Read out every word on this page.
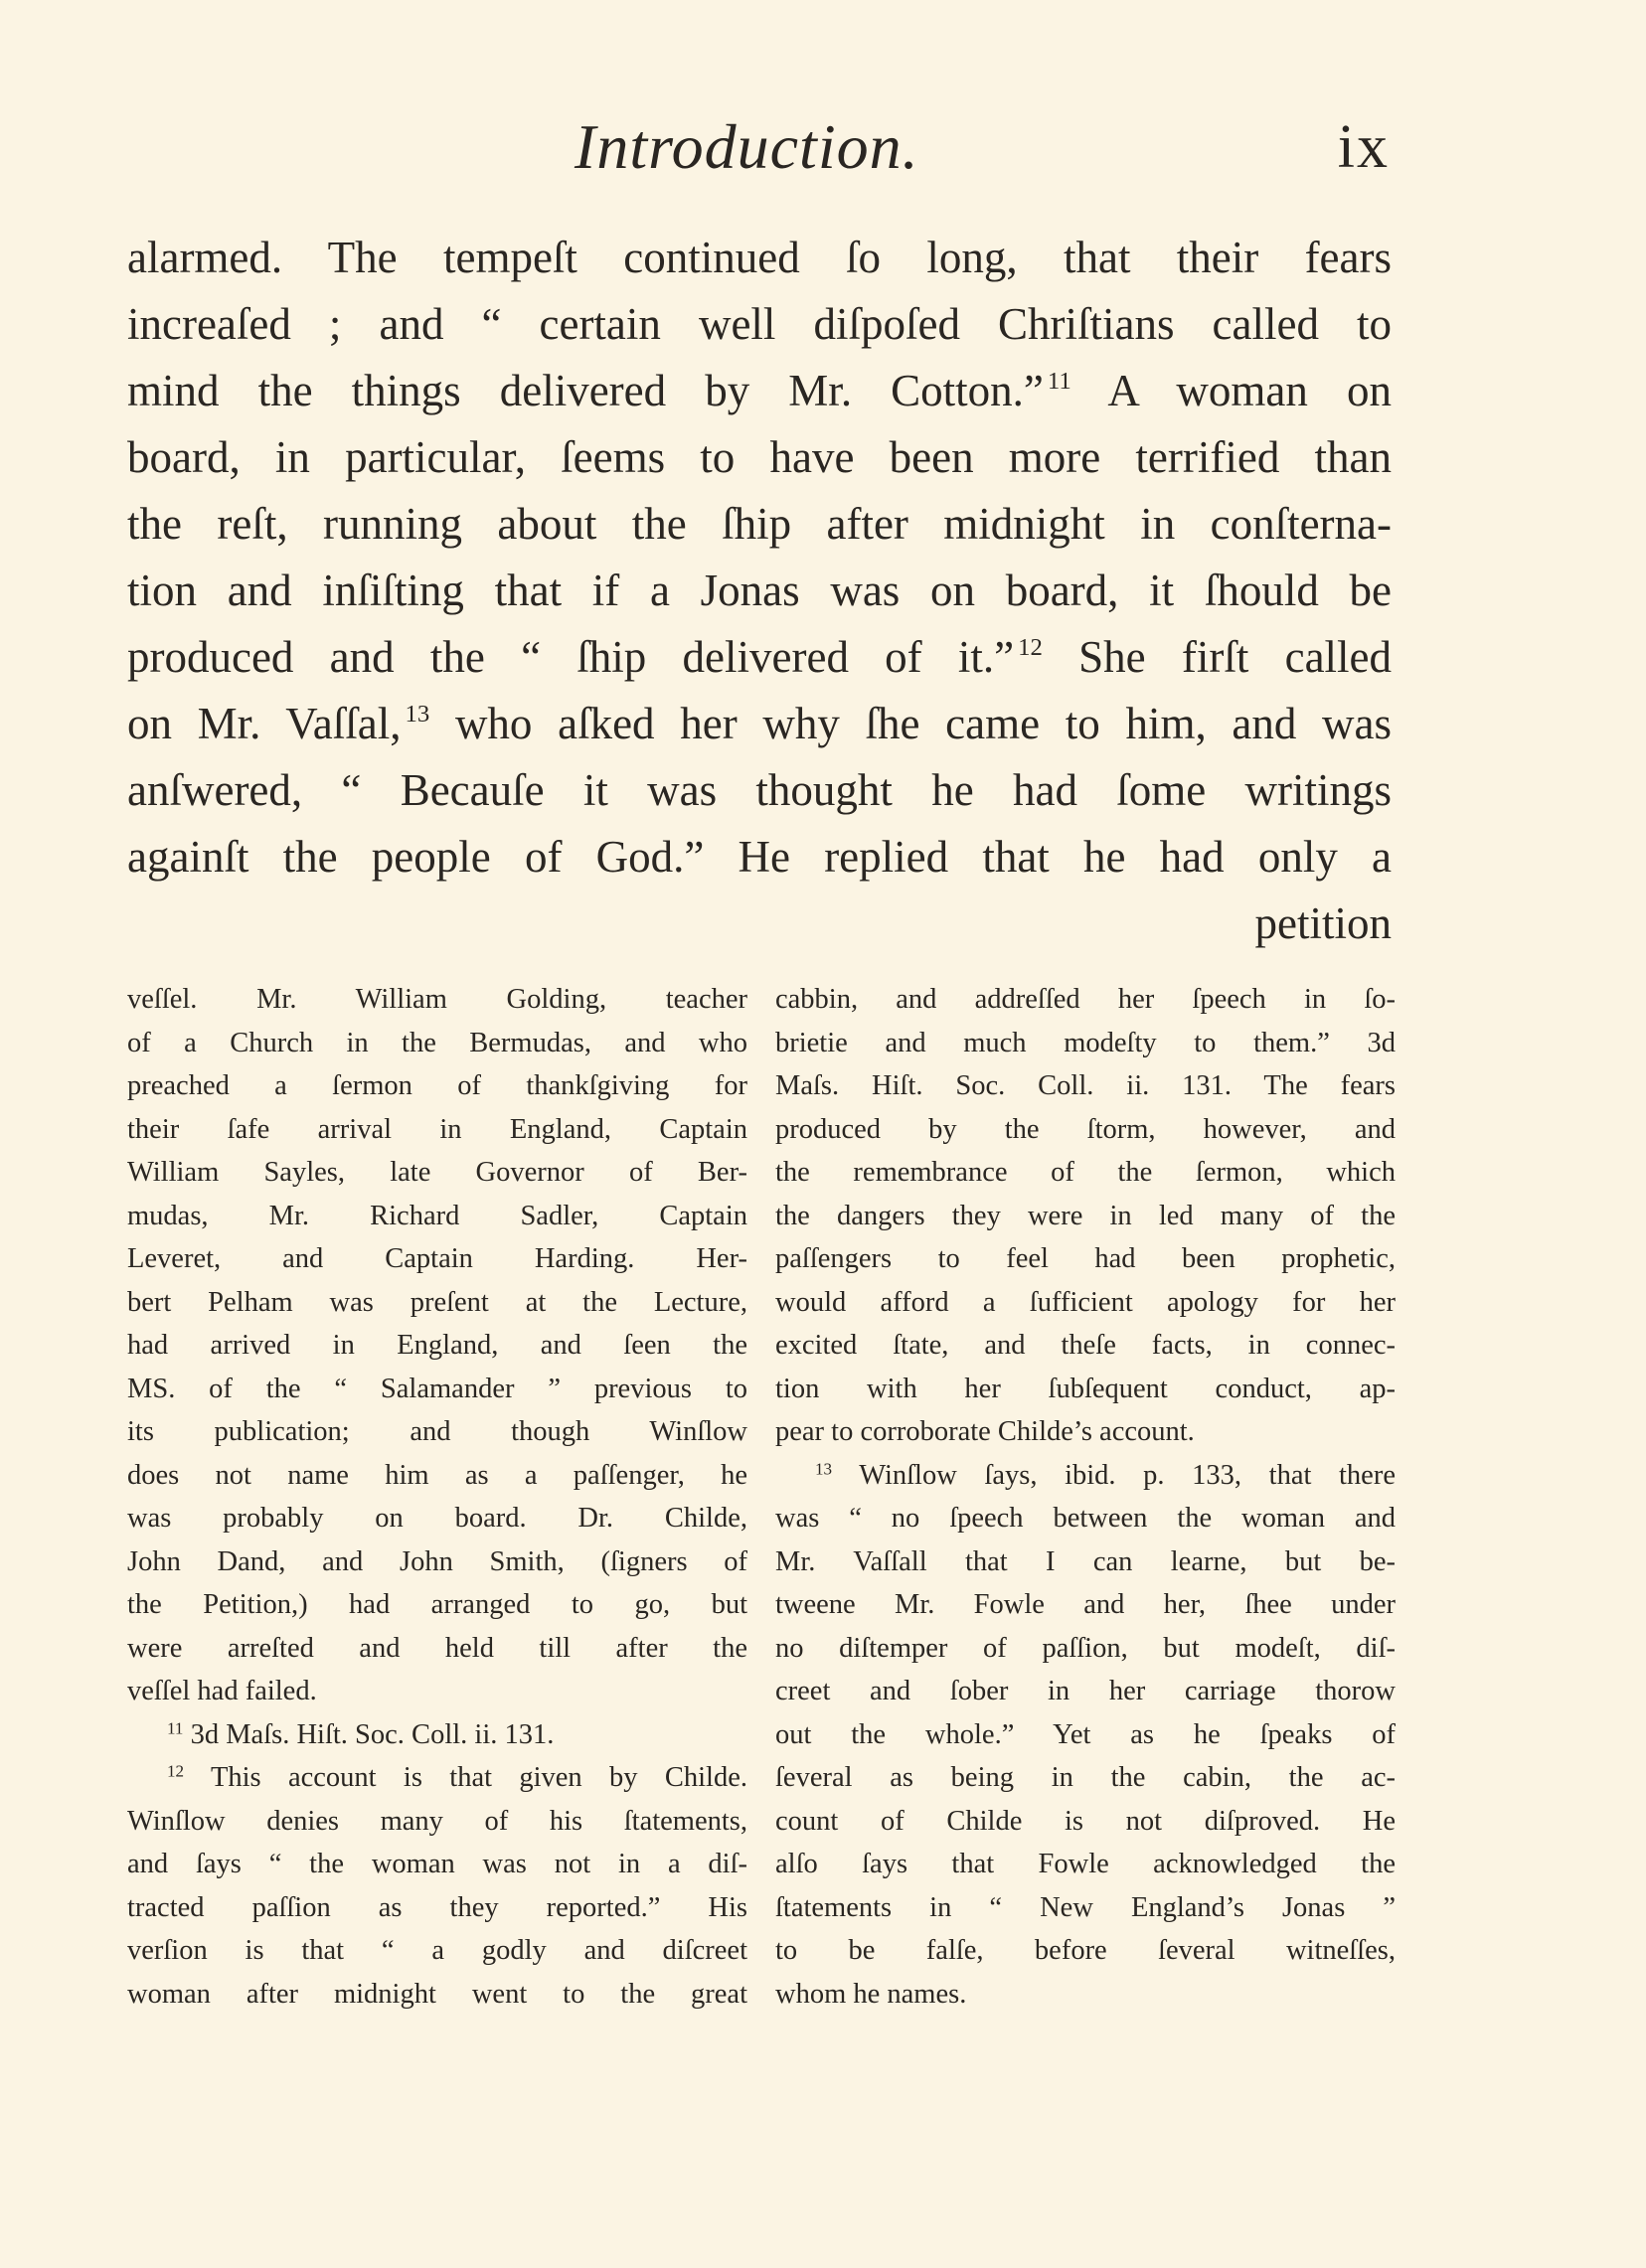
Introduction.	ix
alarmed. The tempeſt continued ſo long, that their fears
increaſed ; and “ certain well diſpoſed Chriſtians called to
mind the things delivered by Mr. Cotton.” $^{11}$ A woman on
board, in particular, ſeems to have been more terrified than
the reſt, running about the ſhip after midnight in conſterna-
tion and inſiſting that if a Jonas was on board, it ſhould be
produced and the “ ſhip delivered of it.” $^{12}$ She firſt called
on Mr. Vaſſal, $^{13}$ who aſked her why ſhe came to him, and was
anſwered, “ Becauſe it was thought he had ſome writings
againſt the people of God.” He replied that he had only a
petition
veſſel. Mr. William Golding, teacher
of a Church in the Bermudas, and who
preached a ſermon of thankſgiving for
their ſafe arrival in England, Captain
William Sayles, late Governor of Ber-
mudas, Mr. Richard Sadler, Captain
Leveret, and Captain Harding. Her-
bert Pelham was preſent at the Lecture,
had arrived in England, and ſeen the
MS. of the “ Salamander ” previous to
its publication; and though Winſlow
does not name him as a paſſenger, he
was probably on board. Dr. Childe,
John Dand, and John Smith, (ſigners of
the Petition,) had arranged to go, but
were arreſted and held till after the
veſſel had failed.
$^{11}$ 3d Maſs. Hiſt. Soc. Coll. ii. 131.
$^{12}$ This account is that given by Childe.
Winſlow denies many of his ſtatements,
and ſays “ the woman was not in a diſ-
tracted paſſion as they reported.” His
verſion is that “ a godly and diſcreet
woman after midnight went to the great
cabbin, and addreſſed her ſpeech in ſo-
brietie and much modeſty to them.” 3d
Maſs. Hiſt. Soc. Coll. ii. 131. The fears
produced by the ſtorm, however, and
the remembrance of the ſermon, which
the dangers they were in led many of the
paſſengers to feel had been prophetic,
would afford a ſufficient apology for her
excited ſtate, and theſe facts, in connec-
tion with her ſubſequent conduct, ap-
pear to corroborate Childe’s account.
$^{13}$ Winſlow ſays, ibid. p. 133, that there
was “ no ſpeech between the woman and
Mr. Vaſſall that I can learne, but be-
tweene Mr. Fowle and her, ſhee under
no diſtemper of paſſion, but modeſt, diſ-
creet and ſober in her carriage thorow
out the whole.” Yet as he ſpeaks of
ſeveral as being in the cabin, the ac-
count of Childe is not diſproved. He
alſo ſays that Fowle acknowledged the
ſtatements in “ New England’s Jonas ”
to be falſe, before ſeveral witneſſes,
whom he names.
